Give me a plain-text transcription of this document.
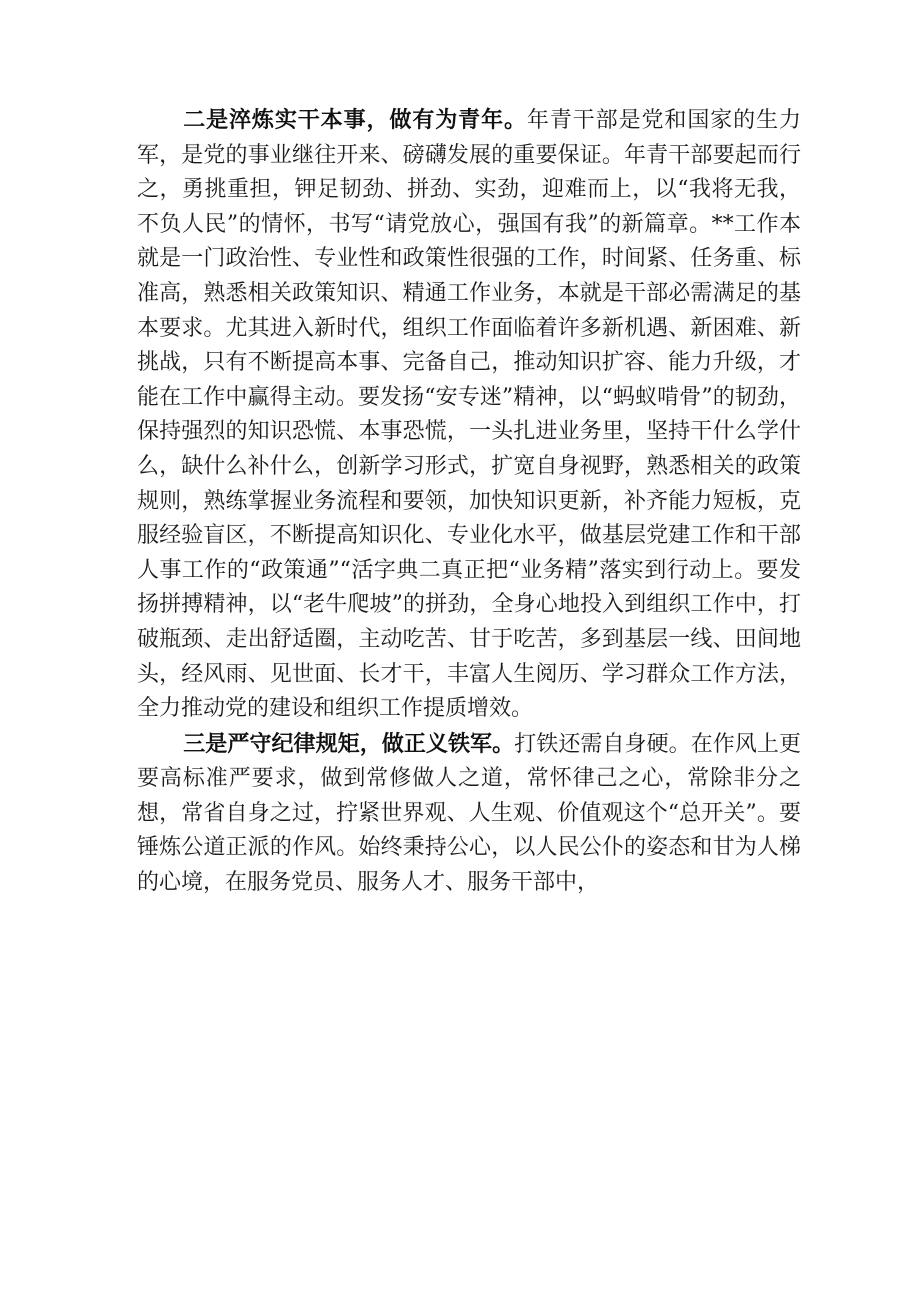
二是淬炼实干本事，做有为青年。年青干部是党和国家的生力军，是党的事业继往开来、磅礴发展的重要保证。年青干部要起而行之，勇挑重担，钾足韧劲、拼劲、实劲，迎难而上，以“我将无我，不负人民”的情怀，书写“请党放心，强国有我”的新篇章。**工作本就是一门政治性、专业性和政策性很强的工作，时间紧、任务重、标准高，熟悉相关政策知识、精通工作业务，本就是干部必需满足的基本要求。尤其进入新时代，组织工作面临着许多新机遇、新困难、新挑战，只有不断提高本事、完备自己，推动知识扩容、能力升级，才能在工作中赢得主动。要发扬“安专迷”精神，以“蚂蚁啃骨”的韧劲，保持强烈的知识恐慌、本事恐慌，一头扎进业务里，坚持干什么学什么，缺什么补什么，创新学习形式，扩宽自身视野，熟悉相关的政策规则，熟练掌握业务流程和要领，加快知识更新，补齐能力短板，克服经验盲区，不断提高知识化、专业化水平，做基层党建工作和干部人事工作的“政策通”“活字典二真正把“业务精”落实到行动上。要发扬拼搏精神，以“老牛爬坡”的拼劲，全身心地投入到组织工作中，打破瓶颈、走出舒适圈，主动吃苦、甘于吃苦，多到基层一线、田间地头，经风雨、见世面、长才干，丰富人生阅历、学习群众工作方法，全力推动党的建设和组织工作提质增效。

三是严守纪律规矩，做正义铁军。打铁还需自身硬。在作风上更要高标准严要求，做到常修做人之道，常怀律己之心，常除非分之想，常省自身之过，拧紧世界观、人生观、价值观这个“总开关”。要锤炼公道正派的作风。始终秉持公心，以人民公仆的姿态和甘为人梯的心境，在服务党员、服务人才、服务干部中，
